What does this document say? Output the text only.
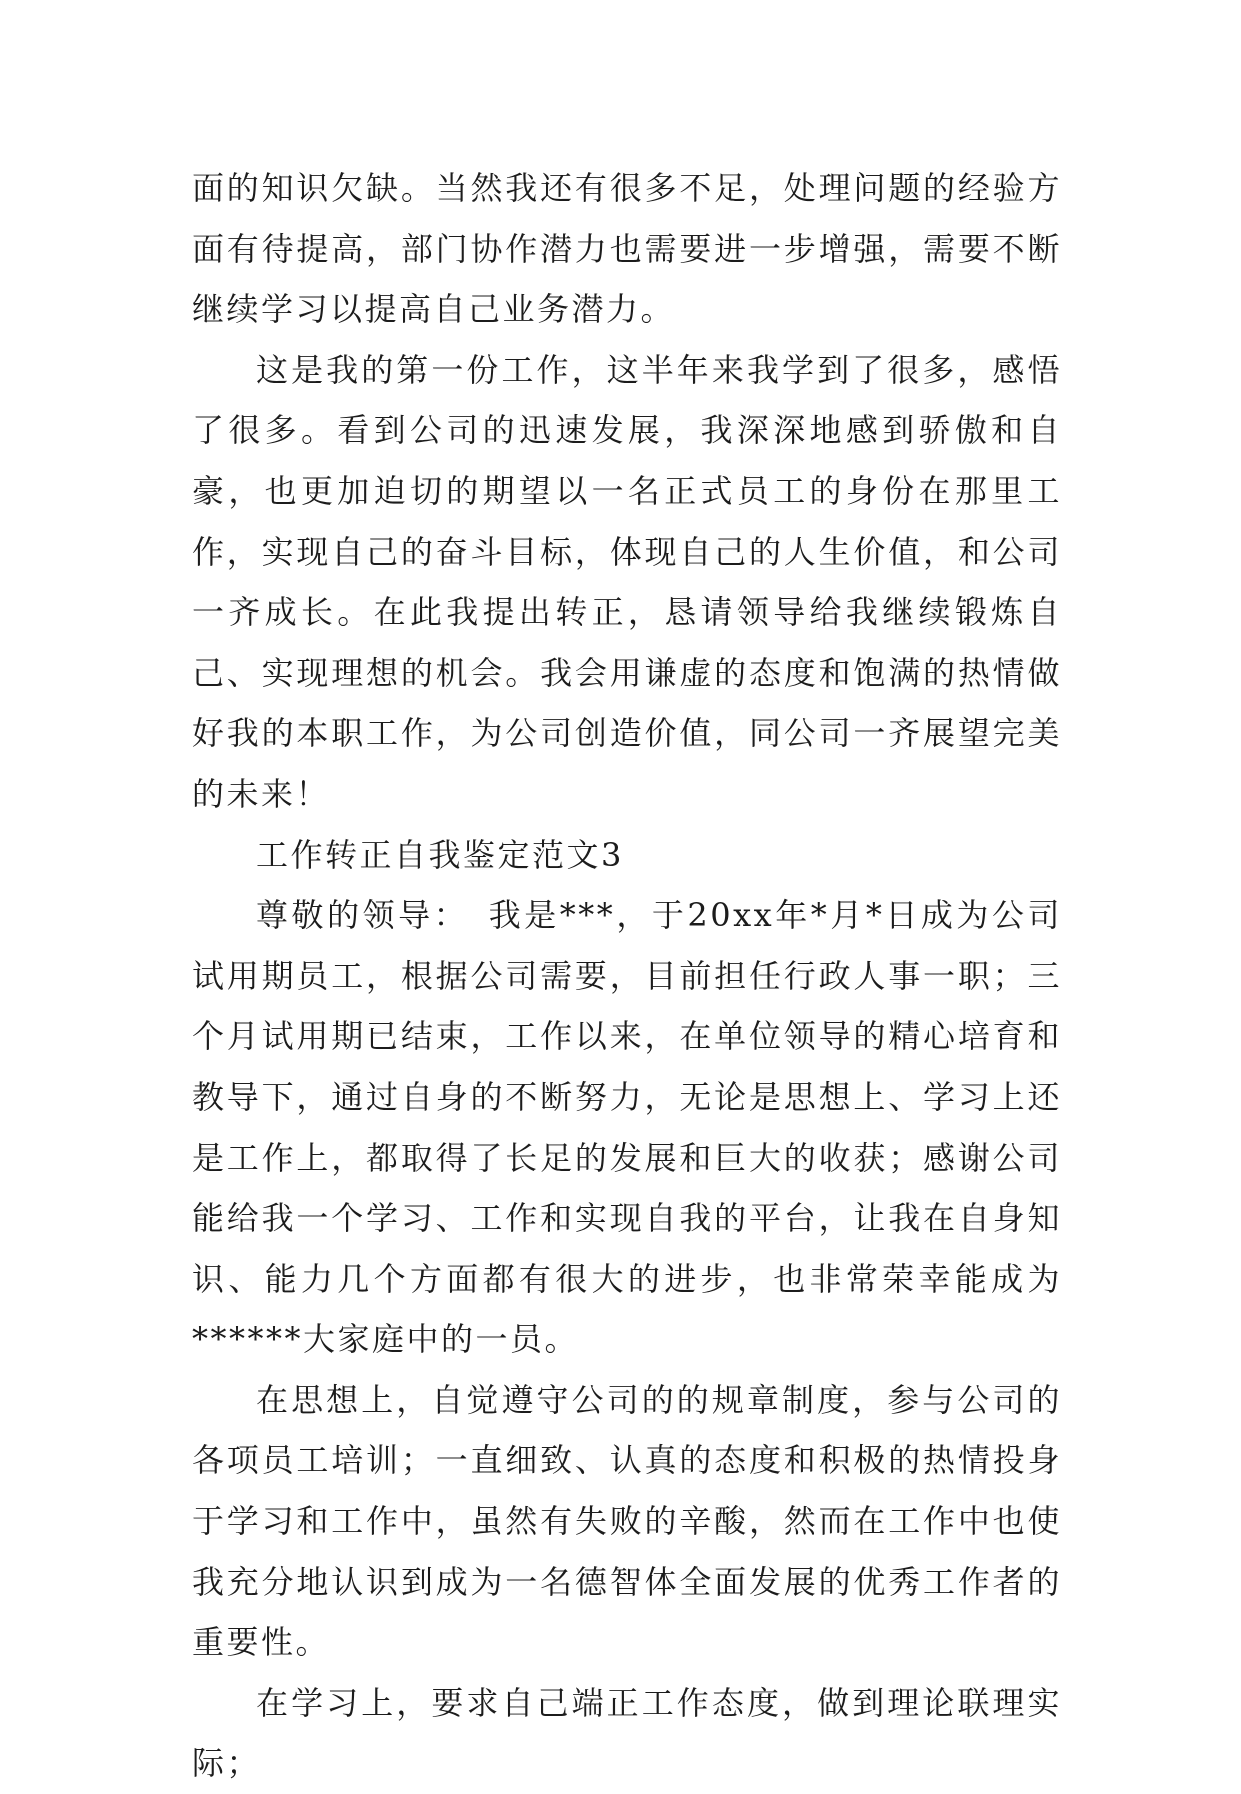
面的知识欠缺。当然我还有很多不足，处理问题的经验方面有待提高，部门协作潜力也需要进一步增强，需要不断继续学习以提高自己业务潜力。

这是我的第一份工作，这半年来我学到了很多，感悟了很多。看到公司的迅速发展，我深深地感到骄傲和自豪，也更加迫切的期望以一名正式员工的身份在那里工作，实现自己的奋斗目标，体现自己的人生价值，和公司一齐成长。在此我提出转正，恳请领导给我继续锻炼自己、实现理想的机会。我会用谦虚的态度和饱满的热情做好我的本职工作，为公司创造价值，同公司一齐展望完美的未来！

工作转正自我鉴定范文3

尊敬的领导：　我是***，于20xx年*月*日成为公司试用期员工，根据公司需要，目前担任行政人事一职；三个月试用期已结束，工作以来，在单位领导的精心培育和教导下，通过自身的不断努力，无论是思想上、学习上还是工作上，都取得了长足的发展和巨大的收获；感谢公司能给我一个学习、工作和实现自我的平台，让我在自身知识、能力几个方面都有很大的进步，也非常荣幸能成为******大家庭中的一员。

在思想上，自觉遵守公司的的规章制度，参与公司的各项员工培训；一直细致、认真的态度和积极的热情投身于学习和工作中，虽然有失败的辛酸，然而在工作中也使我充分地认识到成为一名德智体全面发展的优秀工作者的重要性。

在学习上，要求自己端正工作态度，做到理论联理实际；
